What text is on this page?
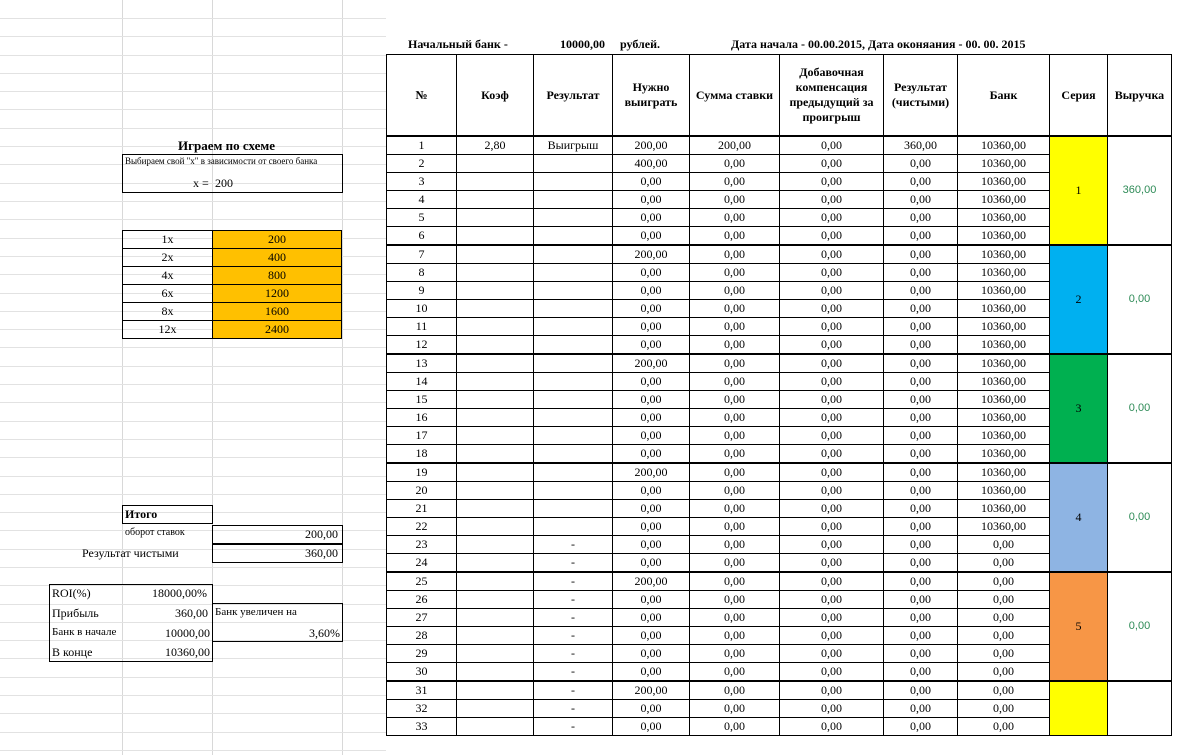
Начальный банк -	10000,00 рублей.	Дата начала - 00.00.2015, Дата оконяания - 00. 00. 2015
№	Коэф	Результат	Нужно выиграть	Сумма ставки	Добавочная компенсация предыдущий за проигрыш	Результат (чистыми)	Банк	Серия	Выручка
1	2,80	Выигрыш	200,00	200,00	0,00	360,00	10360,00	1	360,00
2			400,00	0,00	0,00	0,00	10360,00		
3			0,00	0,00	0,00	0,00	10360,00		
4			0,00	0,00	0,00	0,00	10360,00		
5			0,00	0,00	0,00	0,00	10360,00		
6			0,00	0,00	0,00	0,00	10360,00		
7			200,00	0,00	0,00	0,00	10360,00	2	0,00
8			0,00	0,00	0,00	0,00	10360,00		
9			0,00	0,00	0,00	0,00	10360,00		
10			0,00	0,00	0,00	0,00	10360,00		
11			0,00	0,00	0,00	0,00	10360,00		
12			0,00	0,00	0,00	0,00	10360,00		
13			200,00	0,00	0,00	0,00	10360,00	3	0,00
14			0,00	0,00	0,00	0,00	10360,00		
15			0,00	0,00	0,00	0,00	10360,00		
16			0,00	0,00	0,00	0,00	10360,00		
17			0,00	0,00	0,00	0,00	10360,00		
18			0,00	0,00	0,00	0,00	10360,00		
19			200,00	0,00	0,00	0,00	10360,00	4	0,00
20			0,00	0,00	0,00	0,00	10360,00		
21			0,00	0,00	0,00	0,00	10360,00		
22			0,00	0,00	0,00	0,00	10360,00		
23		-	0,00	0,00	0,00	0,00	0,00		
24		-	0,00	0,00	0,00	0,00	0,00		
25		-	200,00	0,00	0,00	0,00	0,00	5	0,00
26		-	0,00	0,00	0,00	0,00	0,00		
27		-	0,00	0,00	0,00	0,00	0,00		
28		-	0,00	0,00	0,00	0,00	0,00		
29		-	0,00	0,00	0,00	0,00	0,00		
30		-	0,00	0,00	0,00	0,00	0,00		
31		-	200,00	0,00	0,00	0,00	0,00		
32		-	0,00	0,00	0,00	0,00	0,00		
33		-	0,00	0,00	0,00	0,00	0,00		
Играем по схеме
Выбираем свой "х" в зависимости от своего банка
х = 200
1х	200
2х	400
4х	800
6х	1200
8х	1600
12х	2400
Итого
оборот ставок	200,00
Результат чистыми	360,00
ROI(%)	18000,00%
Прибыль	360,00 Банк увеличен на
3,60%
Банк в начале	10000,00
В конце	10360,00
